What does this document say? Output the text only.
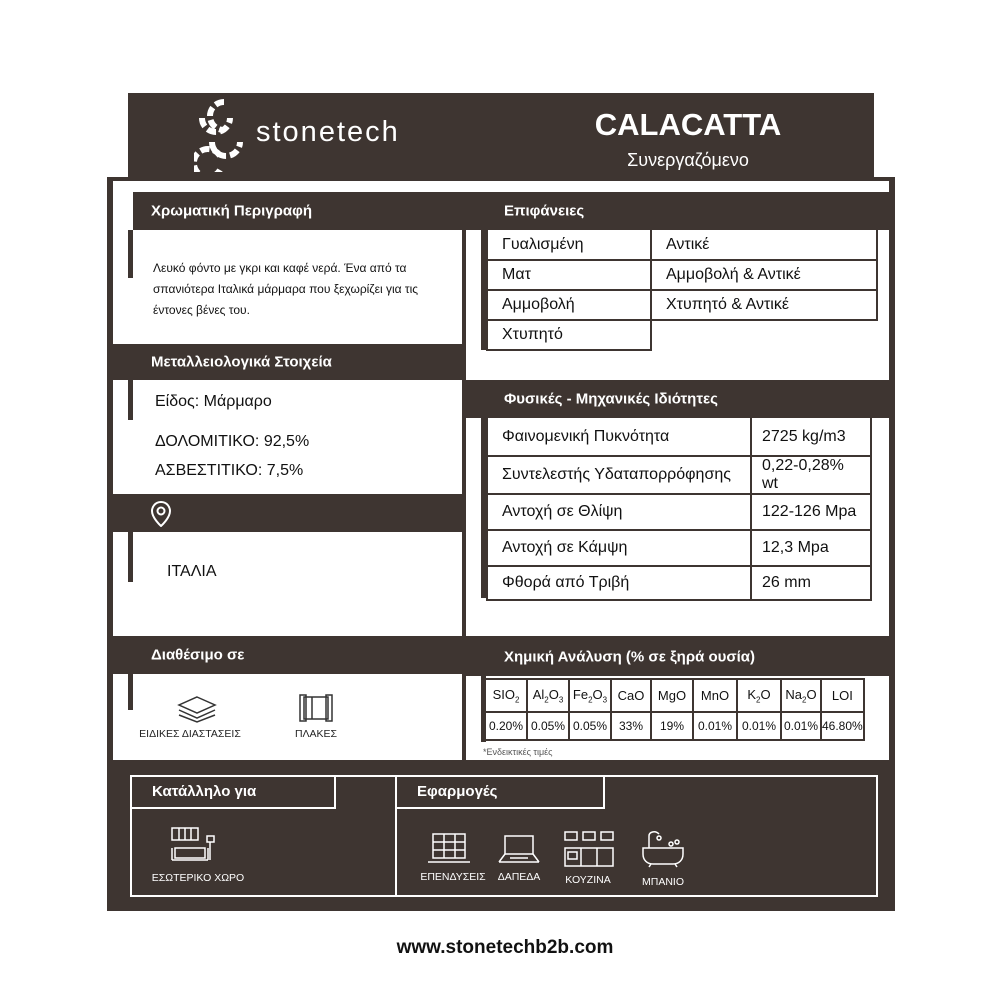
stonetech	CALACATTA
Συνεργαζόμενο
Χρωματική Περιγραφή
Λευκό φόντο με γκρι και καφέ νερά. Ένα από τα σπανιότερα Ιταλικά μάρμαρα που ξεχωρίζει για τις έντονες βένες του.
Μεταλλειολογικά Στοιχεία
Είδος: Μάρμαρο
ΔΟΛΟΜΙΤΙΚΟ: 92,5%
ΑΣΒΕΣΤΙΤΙΚΟ: 7,5%
ΙΤΑΛΙΑ
Διαθέσιμο σε
ΕΙΔΙΚΕΣ ΔΙΑΣΤΑΣΕΙΣ	ΠΛΑΚΕΣ
Επιφάνειες
Γυαλισμένη	Αντικέ
Ματ	Αμμοβολή & Αντικέ
Αμμοβολή	Χτυπητό & Αντικέ
Χτυπητό	
Φυσικές - Μηχανικές Ιδιότητες
Φαινομενική Πυκνότητα	2725 kg/m3
Συντελεστής Υδαταπορρόφησης	0,22-0,28% wt
Αντοχή σε Θλίψη	122-126 Mpa
Αντοχή σε Κάμψη	12,3 Mpa
Φθορά από Τριβή	26 mm
Χημική Ανάλυση (% σε ξηρά ουσία)
$SIO_2$	$Al_2O_3$	$Fe_2O_3$	CaO	MgO	MnO	$K_2O$	$Na_2O$	LOI
0.20%	0.05%	0.05%	33%	19%	0.01%	0.01%	0.01%	46.80%
*Ενδεικτικές τιμές
Κατάλληλο για	Εφαρμογές
ΕΣΩΤΕΡΙΚΟ ΧΩΡΟ	ΕΠΕΝΔΥΣΕΙΣ	ΔΑΠΕΔΑ	ΚΟΥΖΙΝΑ	ΜΠΑΝΙΟ
www.stonetechb2b.com
